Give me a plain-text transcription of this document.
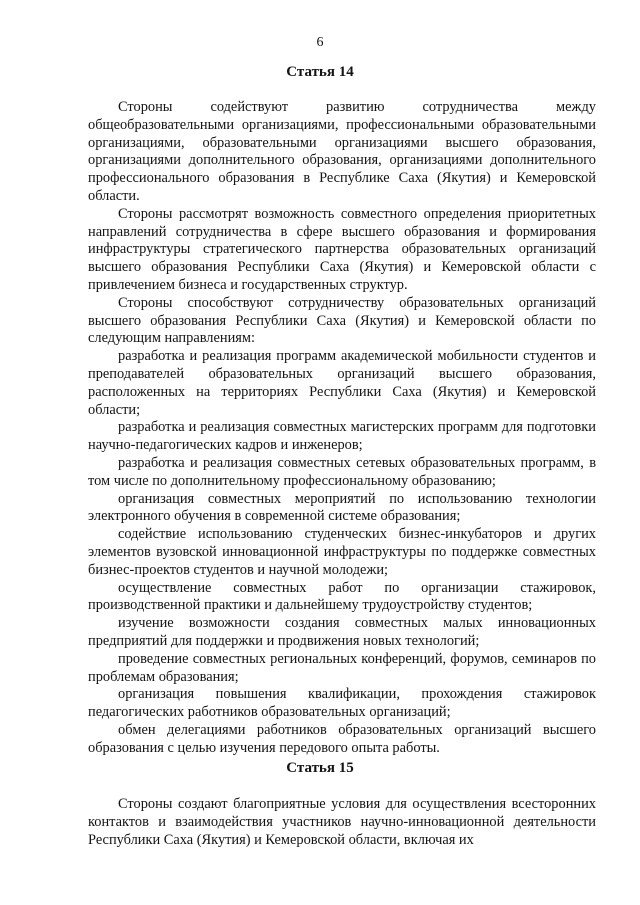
6
Статья 14

Стороны содействуют развитию сотрудничества между общеобразовательными организациями, профессиональными образовательными организациями, образовательными организациями высшего образования, организациями дополнительного образования, организациями дополнительного профессионального образования в Республике Саха (Якутия) и Кемеровской области.

Стороны рассмотрят возможность совместного определения приоритетных направлений сотрудничества в сфере высшего образования и формирования инфраструктуры стратегического партнерства образовательных организаций высшего образования Республики Саха (Якутия) и Кемеровской области с привлечением бизнеса и государственных структур.

Стороны способствуют сотрудничеству образовательных организаций высшего образования Республики Саха (Якутия) и Кемеровской области по следующим направлениям:

разработка и реализация программ академической мобильности студентов и преподавателей образовательных организаций высшего образования, расположенных на территориях Республики Саха (Якутия) и Кемеровской области;

разработка и реализация совместных магистерских программ для подготовки научно-педагогических кадров и инженеров;

разработка и реализация совместных сетевых образовательных программ, в том числе по дополнительному профессиональному образованию;

организация совместных мероприятий по использованию технологии электронного обучения в современной системе образования;

содействие использованию студенческих бизнес-инкубаторов и других элементов вузовской инновационной инфраструктуры по поддержке совместных бизнес-проектов студентов и научной молодежи;

осуществление совместных работ по организации стажировок, производственной практики и дальнейшему трудоустройству студентов;

изучение возможности создания совместных малых инновационных предприятий для поддержки и продвижения новых технологий;

проведение совместных региональных конференций, форумов, семинаров по проблемам образования;

организация повышения квалификации, прохождения стажировок педагогических работников образовательных организаций;

обмен делегациями работников образовательных организаций высшего образования с целью изучения передового опыта работы.

Статья 15

Стороны создают благоприятные условия для осуществления всесторонних контактов и взаимодействия участников научно-инновационной деятельности Республики Саха (Якутия) и Кемеровской области, включая их
